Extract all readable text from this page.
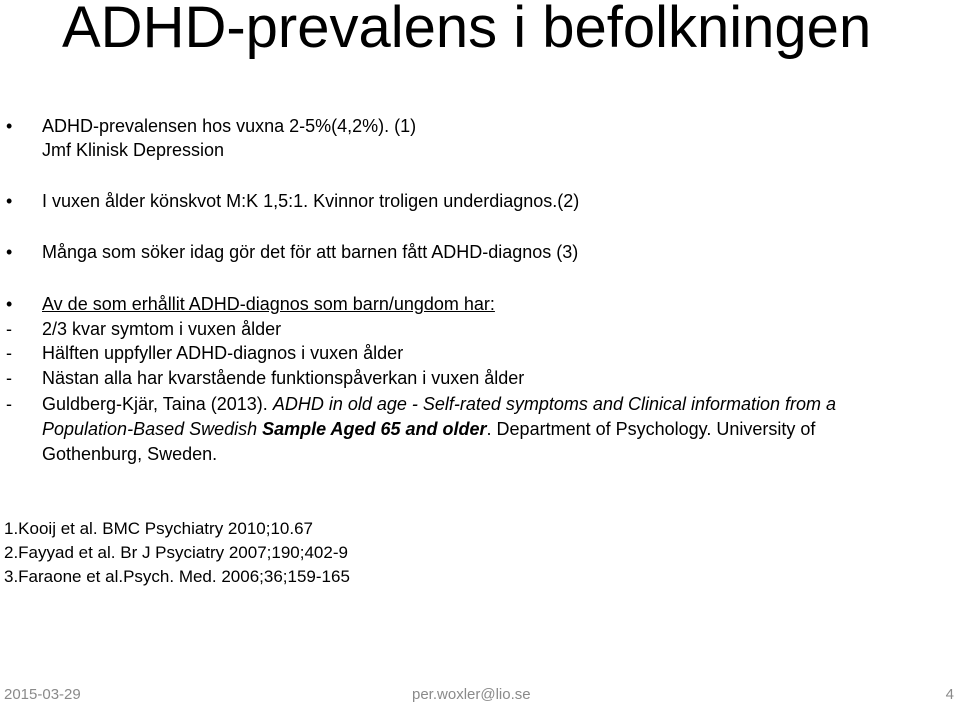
ADHD-prevalens i befolkningen
• ADHD-prevalensen hos vuxna 2-5%(4,2%). (1)
Jmf Klinisk Depression
• I vuxen ålder könskvot M:K 1,5:1. Kvinnor troligen underdiagnos.(2)
• Många som söker idag gör det för att barnen fått ADHD-diagnos (3)
• Av de som erhållit ADHD-diagnos som barn/ungdom har:
- 2/3 kvar symtom i vuxen ålder
- Hälften uppfyller ADHD-diagnos i vuxen ålder
- Nästan alla har kvarstående funktionspåverkan i vuxen ålder
- Guldberg-Kjär, Taina (2013). ADHD in old age - Self-rated symptoms and Clinical information from a
Population-Based Swedish Sample Aged 65 and older. Department of Psychology. University of
Gothenburg, Sweden.
1.Kooij et al. BMC Psychiatry 2010;10.67
2.Fayyad et al. Br J Psyciatry 2007;190;402-9
3.Faraone et al.Psych. Med. 2006;36;159-165
2015-03-29	per.woxler@lio.se	4
